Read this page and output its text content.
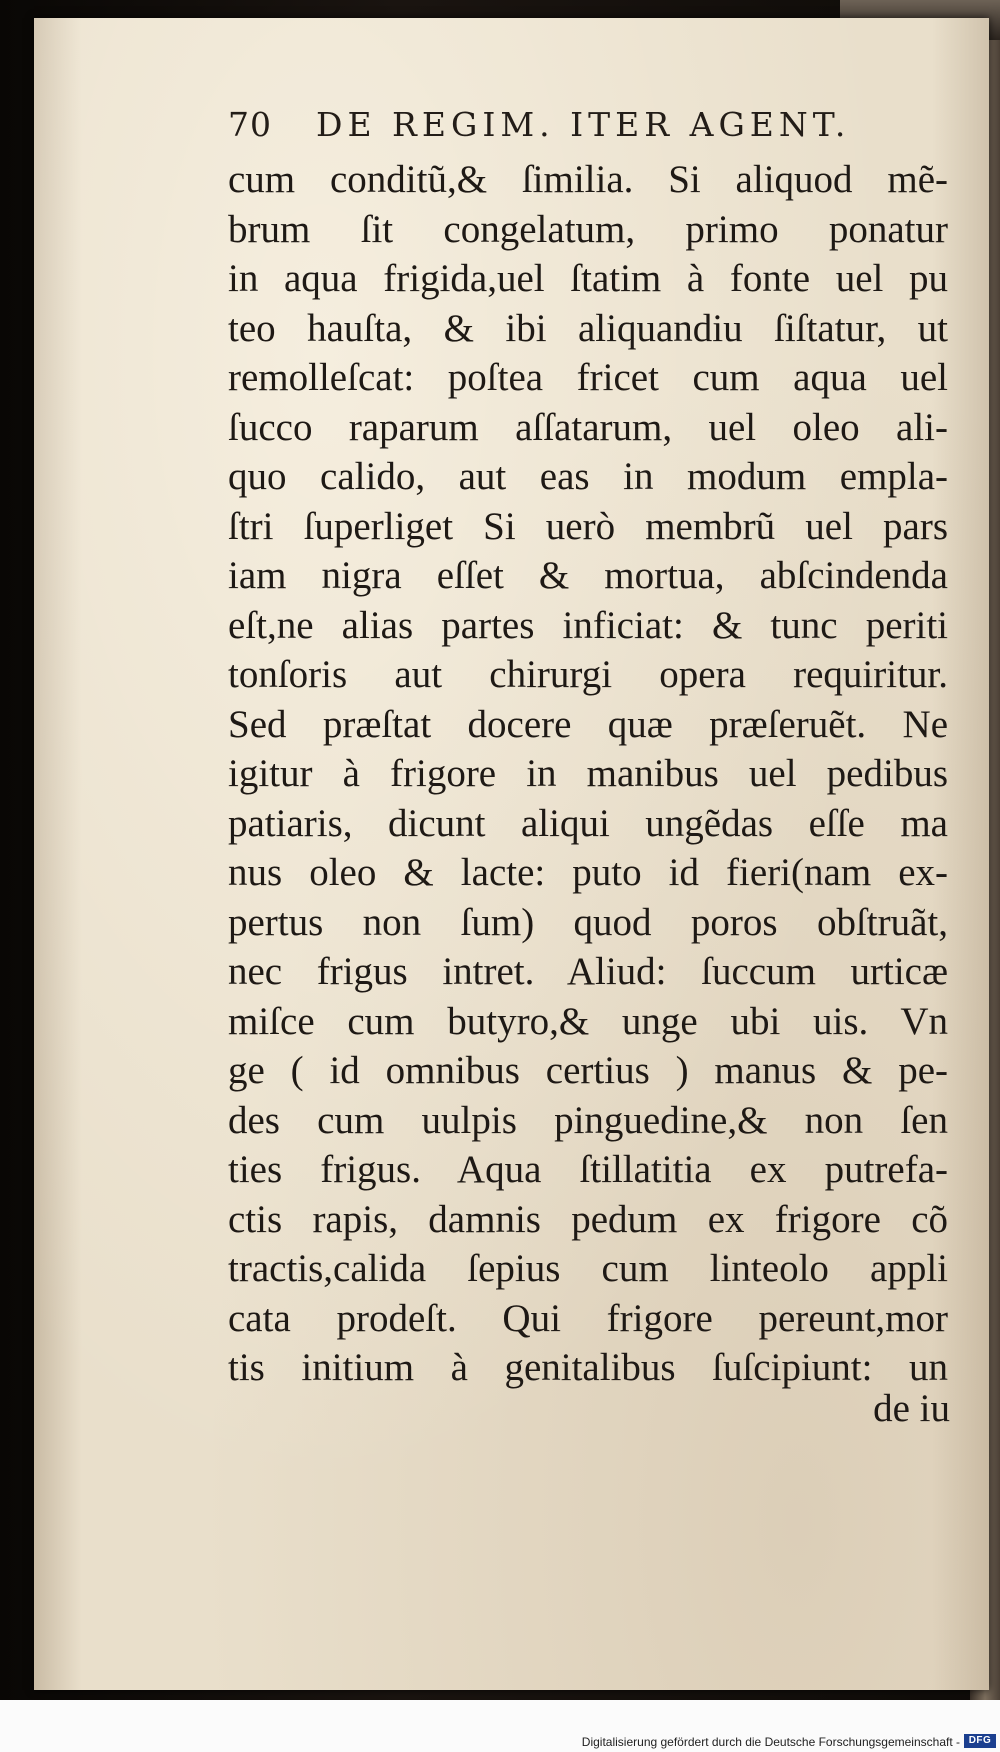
70 DE REGIM. ITER AGENT.
cum conditũ,& ſimilia. Si aliquod mẽ-
brum ſit congelatum, primo ponatur
in aqua frigida,uel ſtatim à fonte uel pu
teo hauſta, & ibi aliquandiu ſiſtatur, ut
remolleſcat: poſtea fricet cum aqua uel
ſucco raparum aſſatarum, uel oleo ali-
quo calido, aut eas in modum empla-
ſtri ſuperliget Si uerò membrũ uel pars
iam nigra eſſet & mortua, abſcindenda
eſt,ne alias partes inficiat: & tunc periti
tonſoris aut chirurgi opera requiritur.
Sed præſtat docere quæ præſeruẽt. Ne
igitur à frigore in manibus uel pedibus
patiaris, dicunt aliqui ungẽdas eſſe ma
nus oleo & lacte: puto id fieri(nam ex-
pertus non ſum) quod poros obſtruãt,
nec frigus intret. Aliud: ſuccum urticæ
miſce cum butyro,& unge ubi uis. Vn
ge ( id omnibus certius ) manus & pe-
des cum uulpis pinguedine,& non ſen
ties frigus. Aqua ſtillatitia ex putrefa-
ctis rapis, damnis pedum ex frigore cõ
tractis,calida ſepius cum linteolo appli
cata prodeſt. Qui frigore pereunt,mor
tis initium à genitalibus ſuſcipiunt: un
de iu
Digitalisierung gefördert durch die Deutsche Forschungsgemeinschaft - DFG
